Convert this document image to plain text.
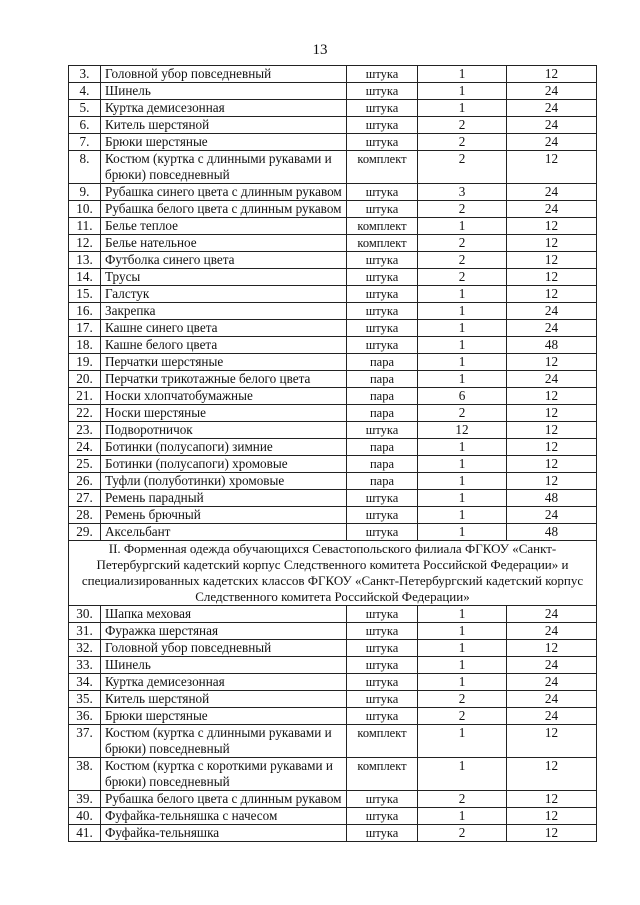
13
3.	Головной убор повседневный	штука	1	12
4.	Шинель	штука	1	24
5.	Куртка демисезонная	штука	1	24
6.	Китель шерстяной	штука	2	24
7.	Брюки шерстяные	штука	2	24
8.	Костюм (куртка с длинными рукавами и брюки) повседневный	комплект	2	12
9.	Рубашка синего цвета с длинным рукавом	штука	3	24
10.	Рубашка белого цвета с длинным рукавом	штука	2	24
11.	Белье теплое	комплект	1	12
12.	Белье нательное	комплект	2	12
13.	Футболка синего цвета	штука	2	12
14.	Трусы	штука	2	12
15.	Галстук	штука	1	12
16.	Закрепка	штука	1	24
17.	Кашне синего цвета	штука	1	24
18.	Кашне белого цвета	штука	1	48
19.	Перчатки шерстяные	пара	1	12
20.	Перчатки трикотажные белого цвета	пара	1	24
21.	Носки хлопчатобумажные	пара	6	12
22.	Носки шерстяные	пара	2	12
23.	Подворотничок	штука	12	12
24.	Ботинки (полусапоги) зимние	пара	1	12
25.	Ботинки (полусапоги) хромовые	пара	1	12
26.	Туфли (полуботинки) хромовые	пара	1	12
27.	Ремень парадный	штука	1	48
28.	Ремень брючный	штука	1	24
29.	Аксельбант	штука	1	48
II. Форменная одежда обучающихся Севастопольского филиала ФГКОУ «Санкт-Петербургский кадетский корпус Следственного комитета Российской Федерации» и специализированных кадетских классов ФГКОУ «Санкт-Петербургский кадетский корпус Следственного комитета Российской Федерации»				
30.	Шапка меховая	штука	1	24
31.	Фуражка шерстяная	штука	1	24
32.	Головной убор повседневный	штука	1	12
33.	Шинель	штука	1	24
34.	Куртка демисезонная	штука	1	24
35.	Китель шерстяной	штука	2	24
36.	Брюки шерстяные	штука	2	24
37.	Костюм (куртка с длинными рукавами и брюки) повседневный	комплект	1	12
38.	Костюм (куртка с короткими рукавами и брюки) повседневный	комплект	1	12
39.	Рубашка белого цвета с длинным рукавом	штука	2	12
40.	Фуфайка-тельняшка с начесом	штука	1	12
41.	Фуфайка-тельняшка	штука	2	12
